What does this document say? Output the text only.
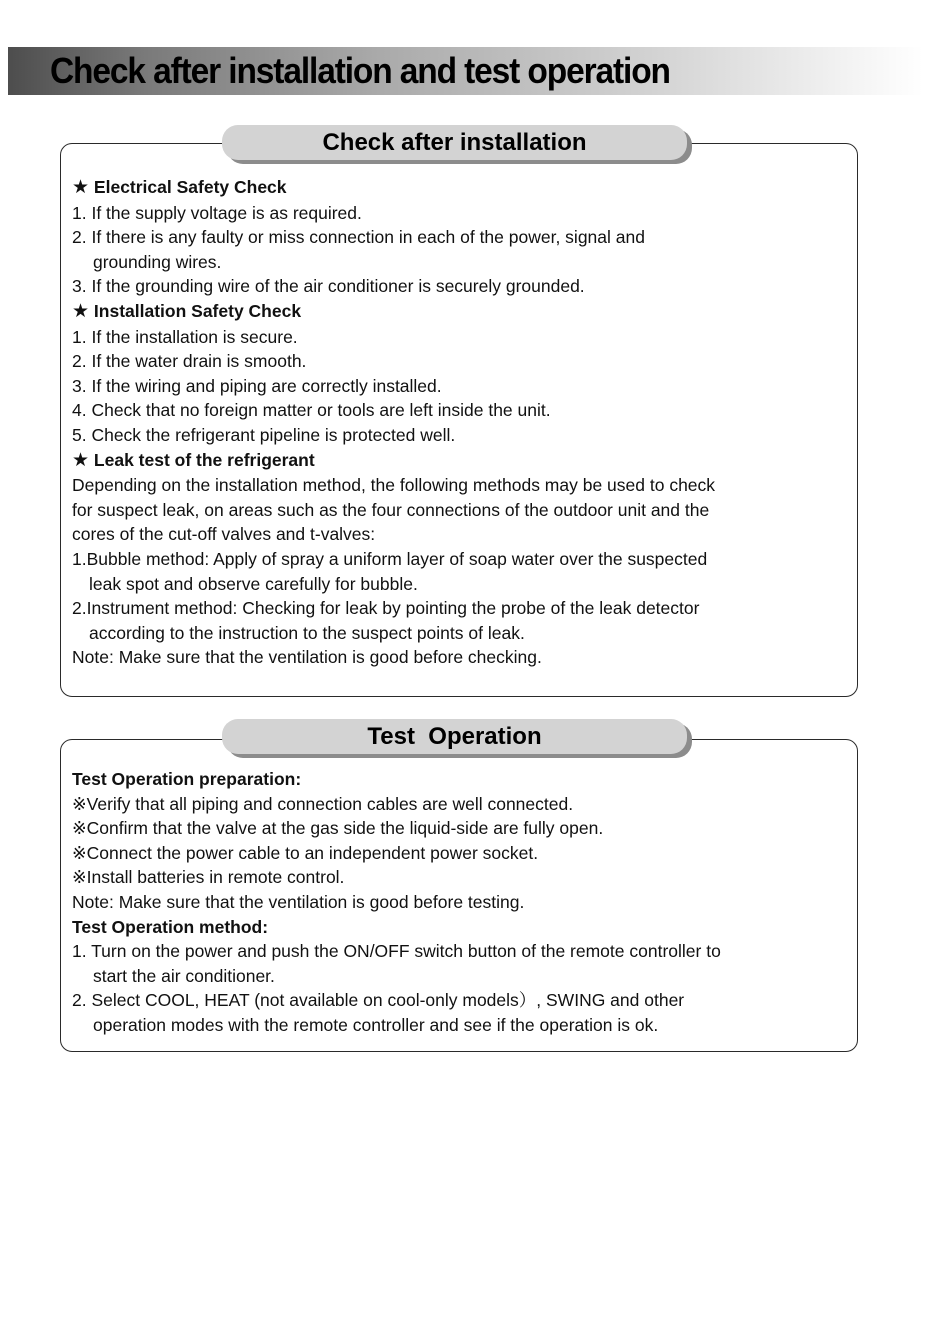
Check after installation and test operation
Check after installation
★ Electrical Safety Check
1. If the supply voltage is as required.
2. If there is any faulty or miss connection in each of the power, signal and
grounding wires.
3. If the grounding wire of the air conditioner is securely grounded.
★ Installation Safety Check
1. If the installation is secure.
2. If the water drain is smooth.
3. If the wiring and piping are correctly installed.
4. Check that no foreign matter or tools are left inside the unit.
5. Check the refrigerant pipeline is protected well.
★ Leak test of the refrigerant
Depending on the installation method, the following methods may be used to check
for suspect leak, on areas such as the four connections of the outdoor unit and the
cores of the cut-off valves and t-valves:
1.Bubble method: Apply of spray a uniform layer of soap water over the suspected
leak spot and observe carefully for bubble.
2.Instrument method: Checking for leak by pointing the probe of the leak detector
according to the instruction to the suspect points of leak.
Note: Make sure that the ventilation is good before checking.
Test  Operation
Test Operation preparation:
※Verify that all piping and connection cables are well connected.
※Confirm that the valve at the gas side the liquid-side are fully open.
※Connect the power cable to an independent power socket.
※Install batteries in remote control.
Note: Make sure that the ventilation is good before testing.
Test Operation method:
1. Turn on the power and push the ON/OFF switch button of the remote controller to
start the air conditioner.
2. Select COOL, HEAT (not available on cool-only models）, SWING and other
operation modes with the remote controller and see if the operation is ok.
